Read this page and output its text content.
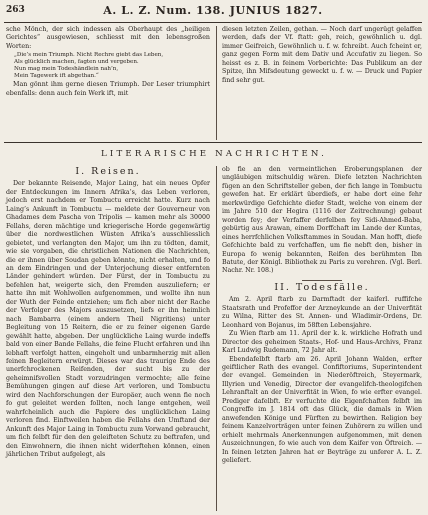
263	A. L. Z. Num. 138. JUNIUS 1827.

sche Mönch, der sich indessen als Oberhaupt des „heiligen Gerichtes“ ausgewiesen, schliesst mit den lebensgroßen Worten:

„Die’s mein Triumph. Nicht Rechre giebt das Leben,
Als glücklich machen, fagten und vergeben.
Nun mag mein Todeshändlein nah’n,
Mein Tagewerk ift abgethan.“

Man gönnt ihm gerne diesen Triumph. Der Leser triumphirt ebenfalls: denn auch fein Werk ift, mit

diesen letzten Zeilen, gethan. — Noch darf ungerügt gelaffen werden, dafs der Vf. ftatt: geh, reich, gewöhnlich u. dgl. immer Geifreich, Gewöhnlich u. f. w. fchreibt. Auch fcheint er, ganz gegen Form mit dem Dativ und Accufativ zu liegen. So heisst es z. B. in feinem Vorberichte: Das Publikum an der Spitze, ihn Mifsdeutung geweckt u. f. w. — Druck und Papier find sehr gut.

LITERARISCHE NACHRICHTEN.

I. Reisen.

Der bekannte Reisende, Major Laing, hat ein neues Opfer der Entdeckungen im Innern Afrika’s, das Leben verloren, jedoch erst nachdem er Tombuctu erreicht hatte. Kurz nach Laing’s Ankunft in Tombuctu — meldete der Gouverneur von Ghadames dem Pascha von Tripolis — kamen mehr als 30000 Fellahs, deren mächtige und kriegerische Horde gegenwärtig über die nordwestlichen Wüsten Afrika’s ausschliesslich gebietet, und verlangten den Major, um ihn zu tödten, damit, wie sie vorgaben, die christlichen Nationen die Nachrichten, die er ihnen über Soudan geben könnte, nicht erhalten, und fo an dem Eindringen und der Unterjochung dieser entfernten Länder gehindert würden. Der Fürst, der in Tombuctu zu befehlen hat, weigerte sich, den Fremden auszuliefern; er hatte ihn mit Wohlwollen aufgenommen, und wollte ihn nun der Wuth der Feinde entziehen; um fich aber nicht der Rache der Verfolger des Majors auszusetzen, liefs er ihn heimlich nach Bambarra (einem andern Theil Nigritiens) unter Begleitung von 15 Reitern, die er zu feiner eigenen Garde gewählt hatte, abgeben. Der unglückliche Laing wurde indeffs bald von einer Bande Fellahs, die feine Flucht erfahren und ihn lebhaft verfolgt hatten, eingeholt und unbarmherzig mit allen feinen Begleitern erwürgt. Dieses war das traurige Ende des unerfchrockenen Reifenden, der sucht bis zu der geheimnifsvollen Stadt vorzudringen vermochte; alle feine Bemühungen gingen auf diese Art verloren, und Tombuctu wird den Nachforschungen der Europäer, auch wenn fie noch fo gut geleitet werden follten, noch lange entgehen, weil wahrfcheinlich auch die Papiere des unglücklichen Laing verloren find. Einftweilen haben die Fellahs den Umftand der Ankunft des Major Laing in Tombuctu zum Vorwand gebraucht, um fich felbft für den den geleifteten Schutz zu beftrafen, und den Einwohnern, die ihnen nicht widerftehen können, einen jährlichen Tribut aufgelegt, als

ob fie an den vermeintlichen Eroberungsplanen der ungläubigen mitschuldig wären. Diefe letzten Nachrichten fügen an den Schriftsteller geben, der fich lange in Tombuctu gewefen hat. Er erklärt überdiefs, er habe dort eine fehr merkwürdige Gefchichte diefer Stadt, welche von einem der im Jahre 510 der Hegira (1116 der Zeitrechnung) gebaut worden fey; der Verfaffer derfelben fey Sidi-Ahmed-Baba, gebürtig aus Arawan, einem Dorffchaft im Lande der Kuntas, eines herrfchlichen Volksftammes in Soudan. Man hofft, diefe Gefchichte bald zu verfchaffen, um fie nebft den, bisher in Europa fo wenig bekannten, Reifen des berühmten Ibn Batute, der Königl. Bibliothek zu Paris zu verehren. (Vgl. Berl. Nachr. Nr. 108.)

II. Todesfälle.

Am 2. April ftarb zu Darmftadt der kaiferl. ruffifche Staatsrath und Profeffor der Arzneykunde an der Univerfität zu Wilna, Ritter des St. Annen- und Wladimir-Ordens, Dr. Leonhard von Bojanus, im 58ften Lebensjahre.

Zu Wien ftarb am 11. April der k. k. wirkliche Hofrath und Director des geheimen Staats-, Hof- und Haus-Archivs, Franz Karl Ludwig Rudemann, 72 Jahr alt.

Ebendafelbft ftarb am 26. April Johann Walden, erfter geiftlicher Rath des evangel. Confiftoriums, Superintendent der evangel. Gemeinden in Niederöftreich, Steyermark, Illyrien und Venedig, Director der evangelifch-theologifchen Lehranftalt an der Univerfität in Wien, fo wie erfter evangel. Prediger dafelbft. Er verfuchte die Eigenfchaften felbft im Congreffe im J. 1814 oft das Glück, die damals in Wien anwefenden Könige und Fürften zu bewirthen. Religion bey feinem Kanzelvorträgen unter feinen Zuhörern zu willen und erhielt mehrmals Anerkennungen aufgenommen, mit denen Auszeichnungen, fo wie auch von dem Kaifer von Öftreich. — In feinen letzten Jahren hat er Beyträge zu unferer A. L. Z. geliefert.
